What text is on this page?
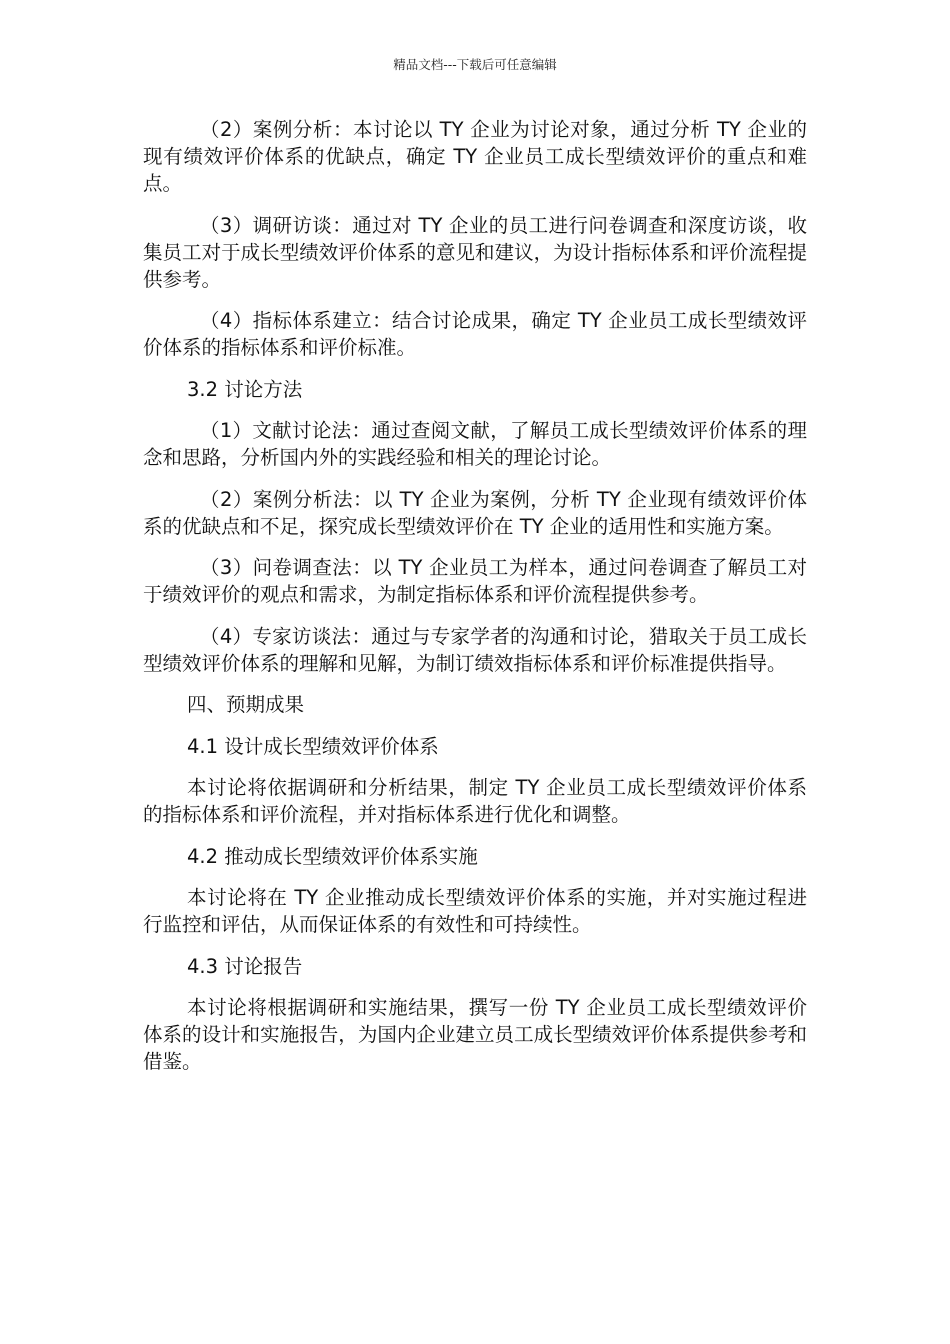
精品文档---下载后可任意编辑

（2）案例分析：本讨论以 TY 企业为讨论对象，通过分析 TY 企业的现有绩效评价体系的优缺点，确定 TY 企业员工成长型绩效评价的重点和难点。

（3）调研访谈：通过对 TY 企业的员工进行问卷调查和深度访谈，收集员工对于成长型绩效评价体系的意见和建议，为设计指标体系和评价流程提供参考。

（4）指标体系建立：结合讨论成果，确定 TY 企业员工成长型绩效评价体系的指标体系和评价标准。

3.2 讨论方法

（1）文献讨论法：通过查阅文献，了解员工成长型绩效评价体系的理念和思路，分析国内外的实践经验和相关的理论讨论。

（2）案例分析法：以 TY 企业为案例，分析 TY 企业现有绩效评价体系的优缺点和不足，探究成长型绩效评价在 TY 企业的适用性和实施方案。

（3）问卷调查法：以 TY 企业员工为样本，通过问卷调查了解员工对于绩效评价的观点和需求，为制定指标体系和评价流程提供参考。

（4）专家访谈法：通过与专家学者的沟通和讨论，猎取关于员工成长型绩效评价体系的理解和见解，为制订绩效指标体系和评价标准提供指导。

四、预期成果

4.1 设计成长型绩效评价体系

本讨论将依据调研和分析结果，制定 TY 企业员工成长型绩效评价体系的指标体系和评价流程，并对指标体系进行优化和调整。

4.2 推动成长型绩效评价体系实施

本讨论将在 TY 企业推动成长型绩效评价体系的实施，并对实施过程进行监控和评估，从而保证体系的有效性和可持续性。

4.3 讨论报告

本讨论将根据调研和实施结果，撰写一份 TY 企业员工成长型绩效评价体系的设计和实施报告，为国内企业建立员工成长型绩效评价体系提供参考和借鉴。
